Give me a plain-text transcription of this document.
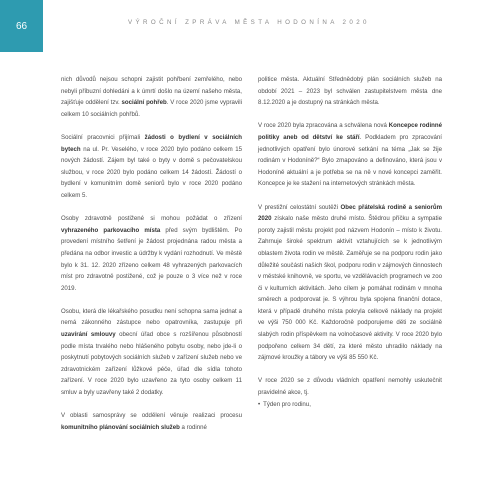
66	VÝROČNÍ ZPRÁVA MĚSTA HODONÍNA 2020

nich důvodů nejsou schopni zajistit pohřbení zemřelého, nebo nebyli příbuzní dohledáni a k úmrtí došlo na území našeho města, zajišťuje oddělení tzv. sociální pohřeb. V roce 2020 jsme vypravili celkem 10 sociálních pohřbů.

Sociální pracovnici přijímali žádosti o bydlení v sociálních bytech na ul. Pr. Veselého, v roce 2020 bylo podáno celkem 15 nových žádostí. Zájem byl také o byty v domě s pečovatelskou službou, v roce 2020 bylo podáno celkem 14 žádostí. Žádostí o bydlení v komunitním domě seniorů bylo v roce 2020 podáno celkem 5.

Osoby zdravotně postižené si mohou požádat o zřízení vyhrazeného parkovacího místa před svým bydlištěm. Po provedení místního šetření je žádost projednána radou města a předána na odbor investic a údržby k vydání rozhodnutí. Ve městě bylo k 31. 12. 2020 zřízeno celkem 48 vyhrazených parkovacích míst pro zdravotně postižené, což je pouze o 3 více než v roce 2019.

Osobu, která dle lékařského posudku není schopna sama jednat a nemá zákonného zástupce nebo opatrovníka, zastupuje při uzavírání smlouvy obecní úřad obce s rozšířenou působností podle místa trvalého nebo hlášeného pobytu osoby, nebo jde-li o poskytnutí pobytových sociálních služeb v zařízení služeb nebo ve zdravotnickém zařízení lůžkové péče, úřad dle sídla tohoto zařízení. V roce 2020 bylo uzavřeno za tyto osoby celkem 11 smluv a byly uzavřeny také 2 dodatky.

V oblasti samosprávy se oddělení věnuje realizaci procesu komunitního plánování sociálních služeb a rodinné

politice města. Aktuální Střednědobý plán sociálních služeb na období 2021 – 2023 byl schválen zastupitelstvem města dne 8.12.2020 a je dostupný na stránkách města.

V roce 2020 byla zpracována a schválena nová Koncepce rodinné politiky aneb od dětství ke stáří. Podkladem pro zpracování jednotlivých opatření bylo únorové setkání na téma „Jak se žije rodinám v Hodoníně?“ Bylo zmapováno a definováno, která jsou v Hodoníně aktuální a je potřeba se na ně v nové koncepci zaměřit. Koncepce je ke stažení na internetových stránkách města.

V prestižní celostátní soutěži Obec přátelská rodině a seniorům 2020 získalo naše město druhé místo. Štědrou příčku a sympatie poroty zajistil městu projekt pod názvem Hodonín – místo k životu. Zahrnuje široké spektrum aktivit vztahujících se k jednotlivým oblastem života rodin ve městě. Zaměřuje se na podporu rodin jako důležité součásti našich škol, podporu rodin v zájmových činnostech v městské knihovně, ve sportu, ve vzdělávacích programech ve zoo či v kulturních aktivitách. Jeho cílem je pomáhat rodinám v mnoha směrech a podporovat je. S výhrou byla spojena finanční dotace, která v případě druhého místa pokryla celkově náklady na projekt ve výši 750 000 Kč. Každoročně podporujeme děti ze sociálně slabých rodin příspěvkem na volnočasové aktivity. V roce 2020 bylo podpořeno celkem 34 dětí, za které město uhradilo náklady na zájmové kroužky a tábory ve výši 85 550 Kč.

V roce 2020 se z důvodu vládních opatření nemohly uskutečnit pravidelné akce, tj.

• Týden pro rodinu,
